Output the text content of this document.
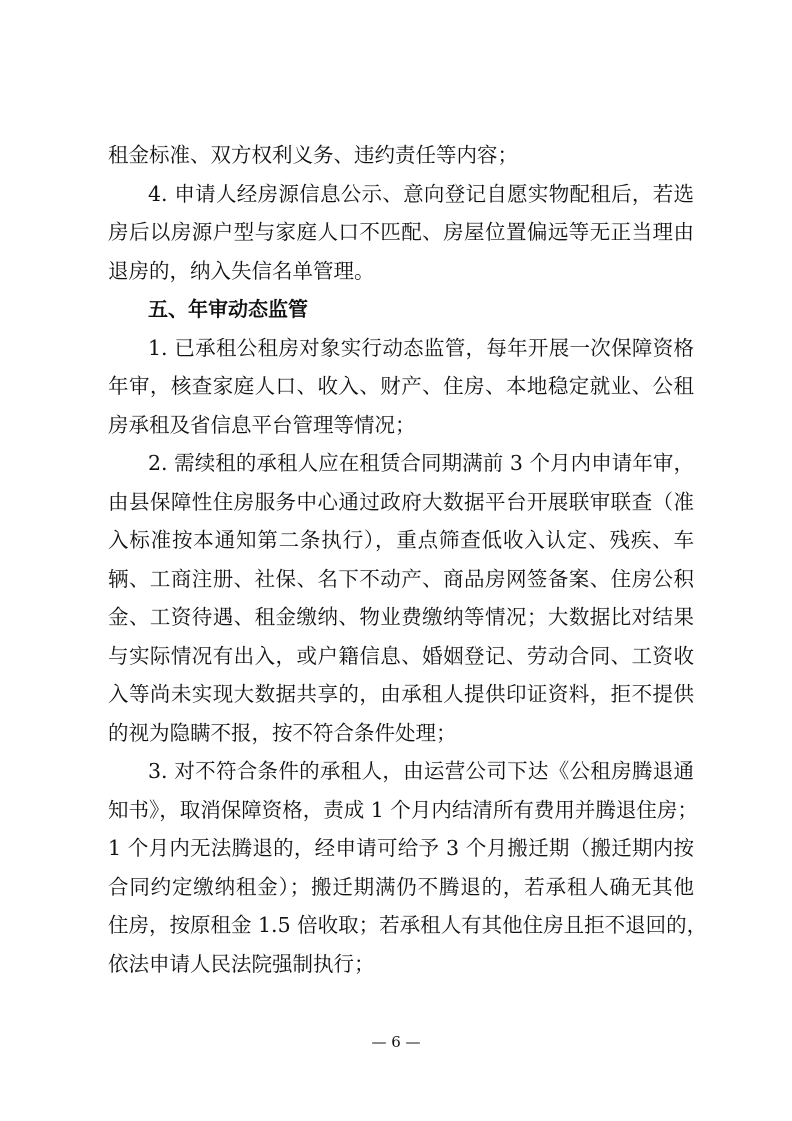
租金标准、双方权利义务、违约责任等内容；
4. 申请人经房源信息公示、意向登记自愿实物配租后，若选
房后以房源户型与家庭人口不匹配、房屋位置偏远等无正当理由
退房的，纳入失信名单管理。
五、年审动态监管
1. 已承租公租房对象实行动态监管，每年开展一次保障资格
年审，核查家庭人口、收入、财产、住房、本地稳定就业、公租
房承租及省信息平台管理等情况；
2. 需续租的承租人应在租赁合同期满前 3 个月内申请年审，
由县保障性住房服务中心通过政府大数据平台开展联审联查（准
入标准按本通知第二条执行），重点筛查低收入认定、残疾、车
辆、工商注册、社保、名下不动产、商品房网签备案、住房公积
金、工资待遇、租金缴纳、物业费缴纳等情况；大数据比对结果
与实际情况有出入，或户籍信息、婚姻登记、劳动合同、工资收
入等尚未实现大数据共享的，由承租人提供印证资料，拒不提供
的视为隐瞒不报，按不符合条件处理；
3. 对不符合条件的承租人，由运营公司下达《公租房腾退通
知书》，取消保障资格，责成 1 个月内结清所有费用并腾退住房；
1 个月内无法腾退的，经申请可给予 3 个月搬迁期（搬迁期内按
合同约定缴纳租金）；搬迁期满仍不腾退的，若承租人确无其他
住房，按原租金 1.5 倍收取；若承租人有其他住房且拒不退回的，
依法申请人民法院强制执行；
— 6 —
